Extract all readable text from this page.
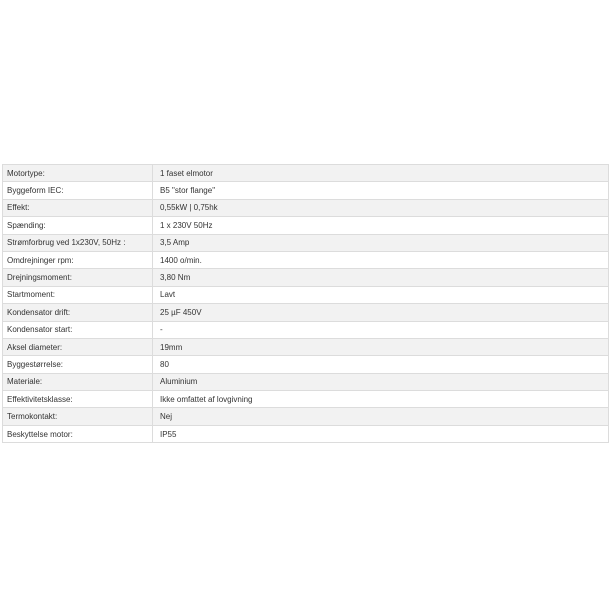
Motortype:	1 faset elmotor
Byggeform IEC:	B5 "stor flange"
Effekt:	0,55kW | 0,75hk
Spænding:	1 x 230V 50Hz
Strømforbrug ved 1x230V, 50Hz :	3,5 Amp
Omdrejninger rpm:	1400 o/min.
Drejningsmoment:	3,80 Nm
Startmoment:	Lavt
Kondensator drift:	25 µF 450V
Kondensator start:	-
Aksel diameter:	19mm
Byggestørrelse:	80
Materiale:	Aluminium
Effektivitetsklasse:	Ikke omfattet af lovgivning
Termokontakt:	Nej
Beskyttelse motor:	IP55
